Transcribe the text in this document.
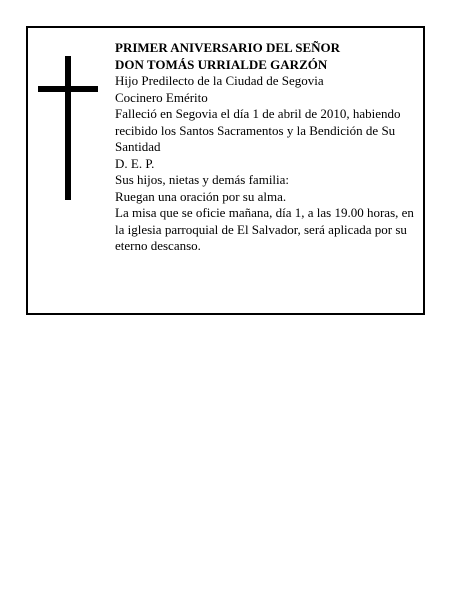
PRIMER ANIVERSARIO DEL SEÑOR

DON TOMÁS URRIALDE GARZÓN

Hijo Predilecto de la Ciudad de Segovia

Cocinero Emérito

Falleció en Segovia el día 1 de abril de 2010, habiendo recibido los Santos Sacramentos y la Bendición de Su Santidad

D. E. P.

Sus hijos, nietas y demás familia:

Ruegan una oración por su alma.

La misa que se oficie mañana, día 1, a las 19.00 horas, en la iglesia parroquial de El Salvador, será aplicada por su eterno descanso.
